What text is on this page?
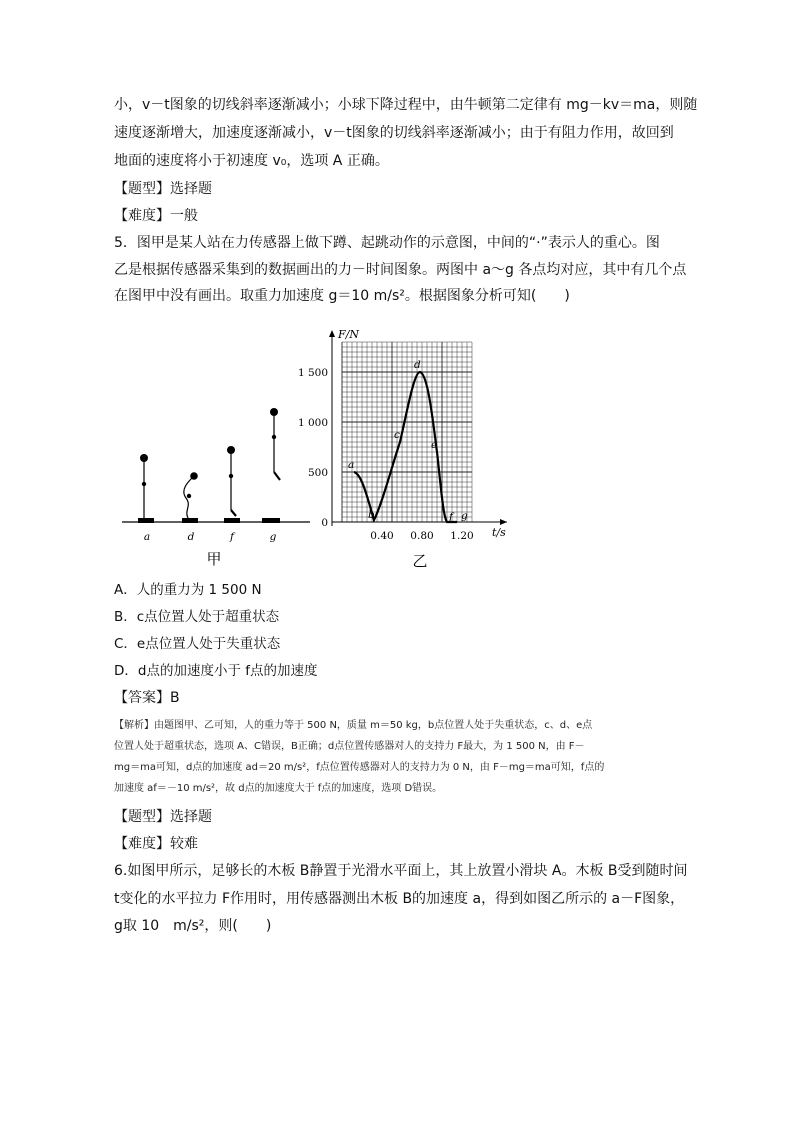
小，v－t图象的切线斜率逐渐减小；小球下降过程中，由牛顿第二定律有 mg－kv＝ma，则随
速度逐渐增大，加速度逐渐减小，v－t图象的切线斜率逐渐减小；由于有阻力作用，故回到
地面的速度将小于初速度 v₀，选项 A 正确。
【题型】选择题
【难度】一般
5．图甲是某人站在力传感器上做下蹲、起跳动作的示意图，中间的“·”表示人的重心。图
乙是根据传感器采集到的数据画出的力－时间图象。两图中 a～g 各点均对应，其中有几个点
在图甲中没有画出。取重力加速度 g＝10 m/s²。根据图象分析可知(　　)
a	d	f	g
甲
F/N
t/s
0
500
1 000
1 500
0.40 0.80 1.20
a
b
c
d
e
f g
乙
A．人的重力为 1 500 N
B．c点位置人处于超重状态
C．e点位置人处于失重状态
D．d点的加速度小于 f点的加速度
【答案】B
【解析】由题图甲、乙可知，人的重力等于 500 N，质量 m＝50 kg，b点位置人处于失重状态，c、d、e点
位置人处于超重状态，选项 A、C错误，B正确；d点位置传感器对人的支持力 F最大，为 1 500 N，由 F－
mg＝ma可知，d点的加速度 ad＝20 m/s²，f点位置传感器对人的支持力为 0 N，由 F－mg＝ma可知，f点的
加速度 af＝－10 m/s²，故 d点的加速度大于 f点的加速度，选项 D错误。
【题型】选择题
【难度】较难
6.如图甲所示，足够长的木板 B静置于光滑水平面上，其上放置小滑块 A。木板 B受到随时间
t变化的水平拉力 F作用时，用传感器测出木板 B的加速度 a，得到如图乙所示的 a－F图象，
g取 10　m/s²，则(　　)
